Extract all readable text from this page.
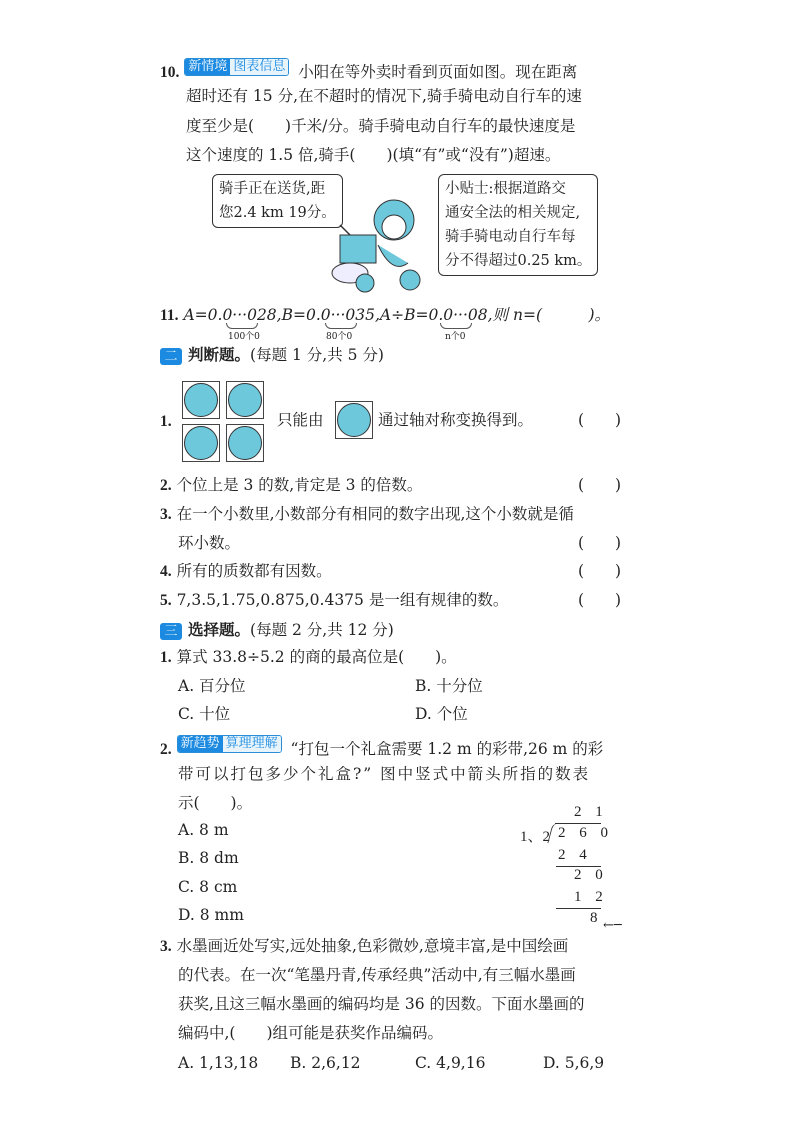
10. 新情境 图表信息 小阳在等外卖时看到页面如图。现在距离
超时还有 15 分,在不超时的情况下,骑手骑电动自行车的速
度至少是(　　)千米/分。骑手骑电动自行车的最快速度是
这个速度的 1.5 倍,骑手(　　)(填“有”或“没有”)超速。
骑手正在送货,距
您2.4 km 19分。
小贴士:根据道路交
通安全法的相关规定,
骑手骑电动自行车每
分不得超过0.25 km。
11. A=0.0···028,B=0.0···035,A÷B=0.0···08,则 n=(　　　)。
100个0	80个0	n个0
二 判断题。(每题 1 分,共 5 分)
1.	只能由	通过轴对称变换得到。	(　　)
2. 个位上是 3 的数,肯定是 3 的倍数。	(　　)
3. 在一个小数里,小数部分有相同的数字出现,这个小数就是循
环小数。	(　　)
4. 所有的质数都有因数。	(　　)
5. 7,3.5,1.75,0.875,0.4375 是一组有规律的数。	(　　)
三 选择题。(每题 2 分,共 12 分)
1. 算式 33.8÷5.2 的商的最高位是(　　)。
A. 百分位	B. 十分位
C. 十位	D. 个位
2. 新趋势 算理理解 “打包一个礼盒需要 1.2 m 的彩带,26 m 的彩
带可以打包多少个礼盒?” 图中竖式中箭头所指的数表
示(　　)。
A. 8 m
B. 8 dm
C. 8 cm
D. 8 mm
2 1
1、2 2 6 0
2 4
2 0
1 2
8 ←─
3. 水墨画近处写实,远处抽象,色彩微妙,意境丰富,是中国绘画
的代表。在一次“笔墨丹青,传承经典”活动中,有三幅水墨画
获奖,且这三幅水墨画的编码均是 36 的因数。下面水墨画的
编码中,(　　)组可能是获奖作品编码。
A. 1,13,18 B. 2,6,12	C. 4,9,16	D. 5,6,9
